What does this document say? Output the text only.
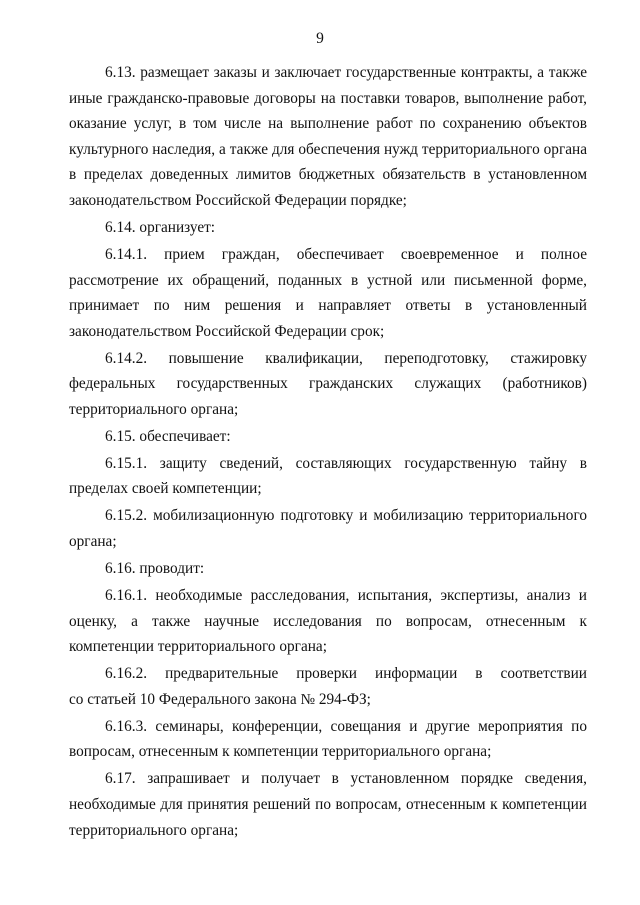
9
6.13. размещает заказы и заключает государственные контракты, а также
иные гражданско-правовые договоры на поставки товаров, выполнение работ,
оказание услуг, в том числе на выполнение работ по сохранению объектов
культурного наследия, а также для обеспечения нужд территориального органа
в пределах доведенных лимитов бюджетных обязательств в установленном
законодательством Российской Федерации порядке;
6.14. организует:
6.14.1. прием граждан, обеспечивает своевременное и полное
рассмотрение их обращений, поданных в устной или письменной форме,
принимает по ним решения и направляет ответы в установленный
законодательством Российской Федерации срок;
6.14.2. повышение квалификации, переподготовку, стажировку
федеральных государственных гражданских служащих (работников)
территориального органа;
6.15. обеспечивает:
6.15.1. защиту сведений, составляющих государственную тайну в
пределах своей компетенции;
6.15.2. мобилизационную подготовку и мобилизацию территориального
органа;
6.16. проводит:
6.16.1. необходимые расследования, испытания, экспертизы, анализ и
оценку, а также научные исследования по вопросам, отнесенным к
компетенции территориального органа;
6.16.2. предварительные проверки информации в соответствии
со статьей 10 Федерального закона № 294-ФЗ;
6.16.3. семинары, конференции, совещания и другие мероприятия по
вопросам, отнесенным к компетенции территориального органа;
6.17. запрашивает и получает в установленном порядке сведения,
необходимые для принятия решений по вопросам, отнесенным к компетенции
территориального органа;
